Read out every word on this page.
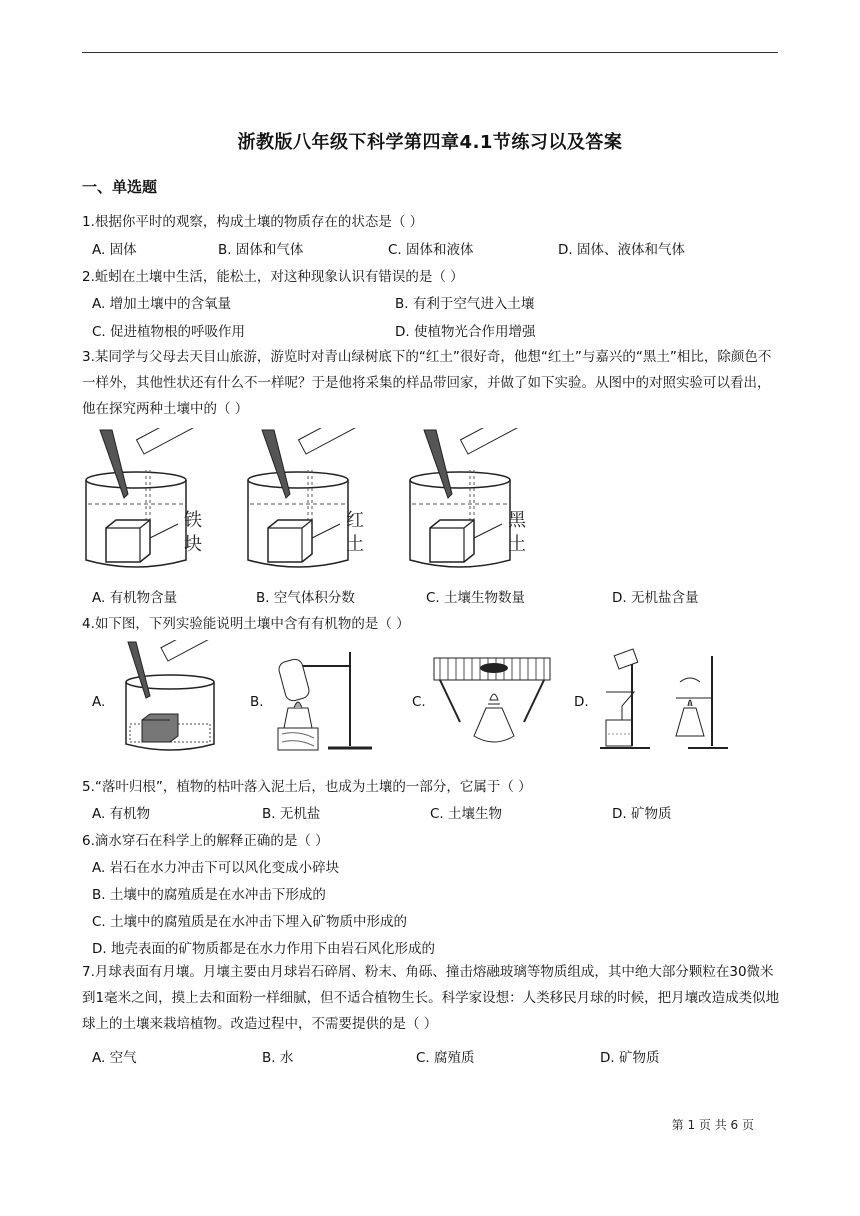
浙教版八年级下科学第四章4.1节练习以及答案
一、单选题
1.根据你平时的观察，构成土壤的物质存在的状态是（ ）
A. 固体	B. 固体和气体	C. 固体和液体	D. 固体、液体和气体
2.蚯蚓在土壤中生活，能松土，对这种现象认识有错误的是（ ）
A. 增加土壤中的含氧量	B. 有利于空气进入土壤
C. 促进植物根的呼吸作用	D. 使植物光合作用增强
3.某同学与父母去天目山旅游，游览时对青山绿树底下的“红土”很好奇，他想“红土”与嘉兴的“黑土”相比，除颜色不一样外，其他性状还有什么不一样呢？于是他将采集的样品带回家，并做了如下实验。从图中的对照实验可以看出，他在探究两种土壤中的（ ）
铁
块
红
土
黑
土
A. 有机物含量	B. 空气体积分数	C. 土壤生物数量	D. 无机盐含量
4.如下图，下列实验能说明土壤中含有有机物的是（ ）
A.	B.	C.	D.
5.“落叶归根”，植物的枯叶落入泥土后，也成为土壤的一部分，它属于（ ）
A. 有机物	B. 无机盐	C. 土壤生物	D. 矿物质
6.滴水穿石在科学上的解释正确的是（ ）
A. 岩石在水力冲击下可以风化变成小碎块
B. 土壤中的腐殖质是在水冲击下形成的
C. 土壤中的腐殖质是在水冲击下埋入矿物质中形成的
D. 地壳表面的矿物质都是在水力作用下由岩石风化形成的
7.月球表面有月壤。月壤主要由月球岩石碎屑、粉末、角砾、撞击熔融玻璃等物质组成，其中绝大部分颗粒在30微米到1毫米之间，摸上去和面粉一样细腻，但不适合植物生长。科学家设想：人类移民月球的时候，把月壤改造成类似地球上的土壤来栽培植物。改造过程中，不需要提供的是（ ）
A. 空气	B. 水	C. 腐殖质	D. 矿物质
第 1 页 共 6 页
